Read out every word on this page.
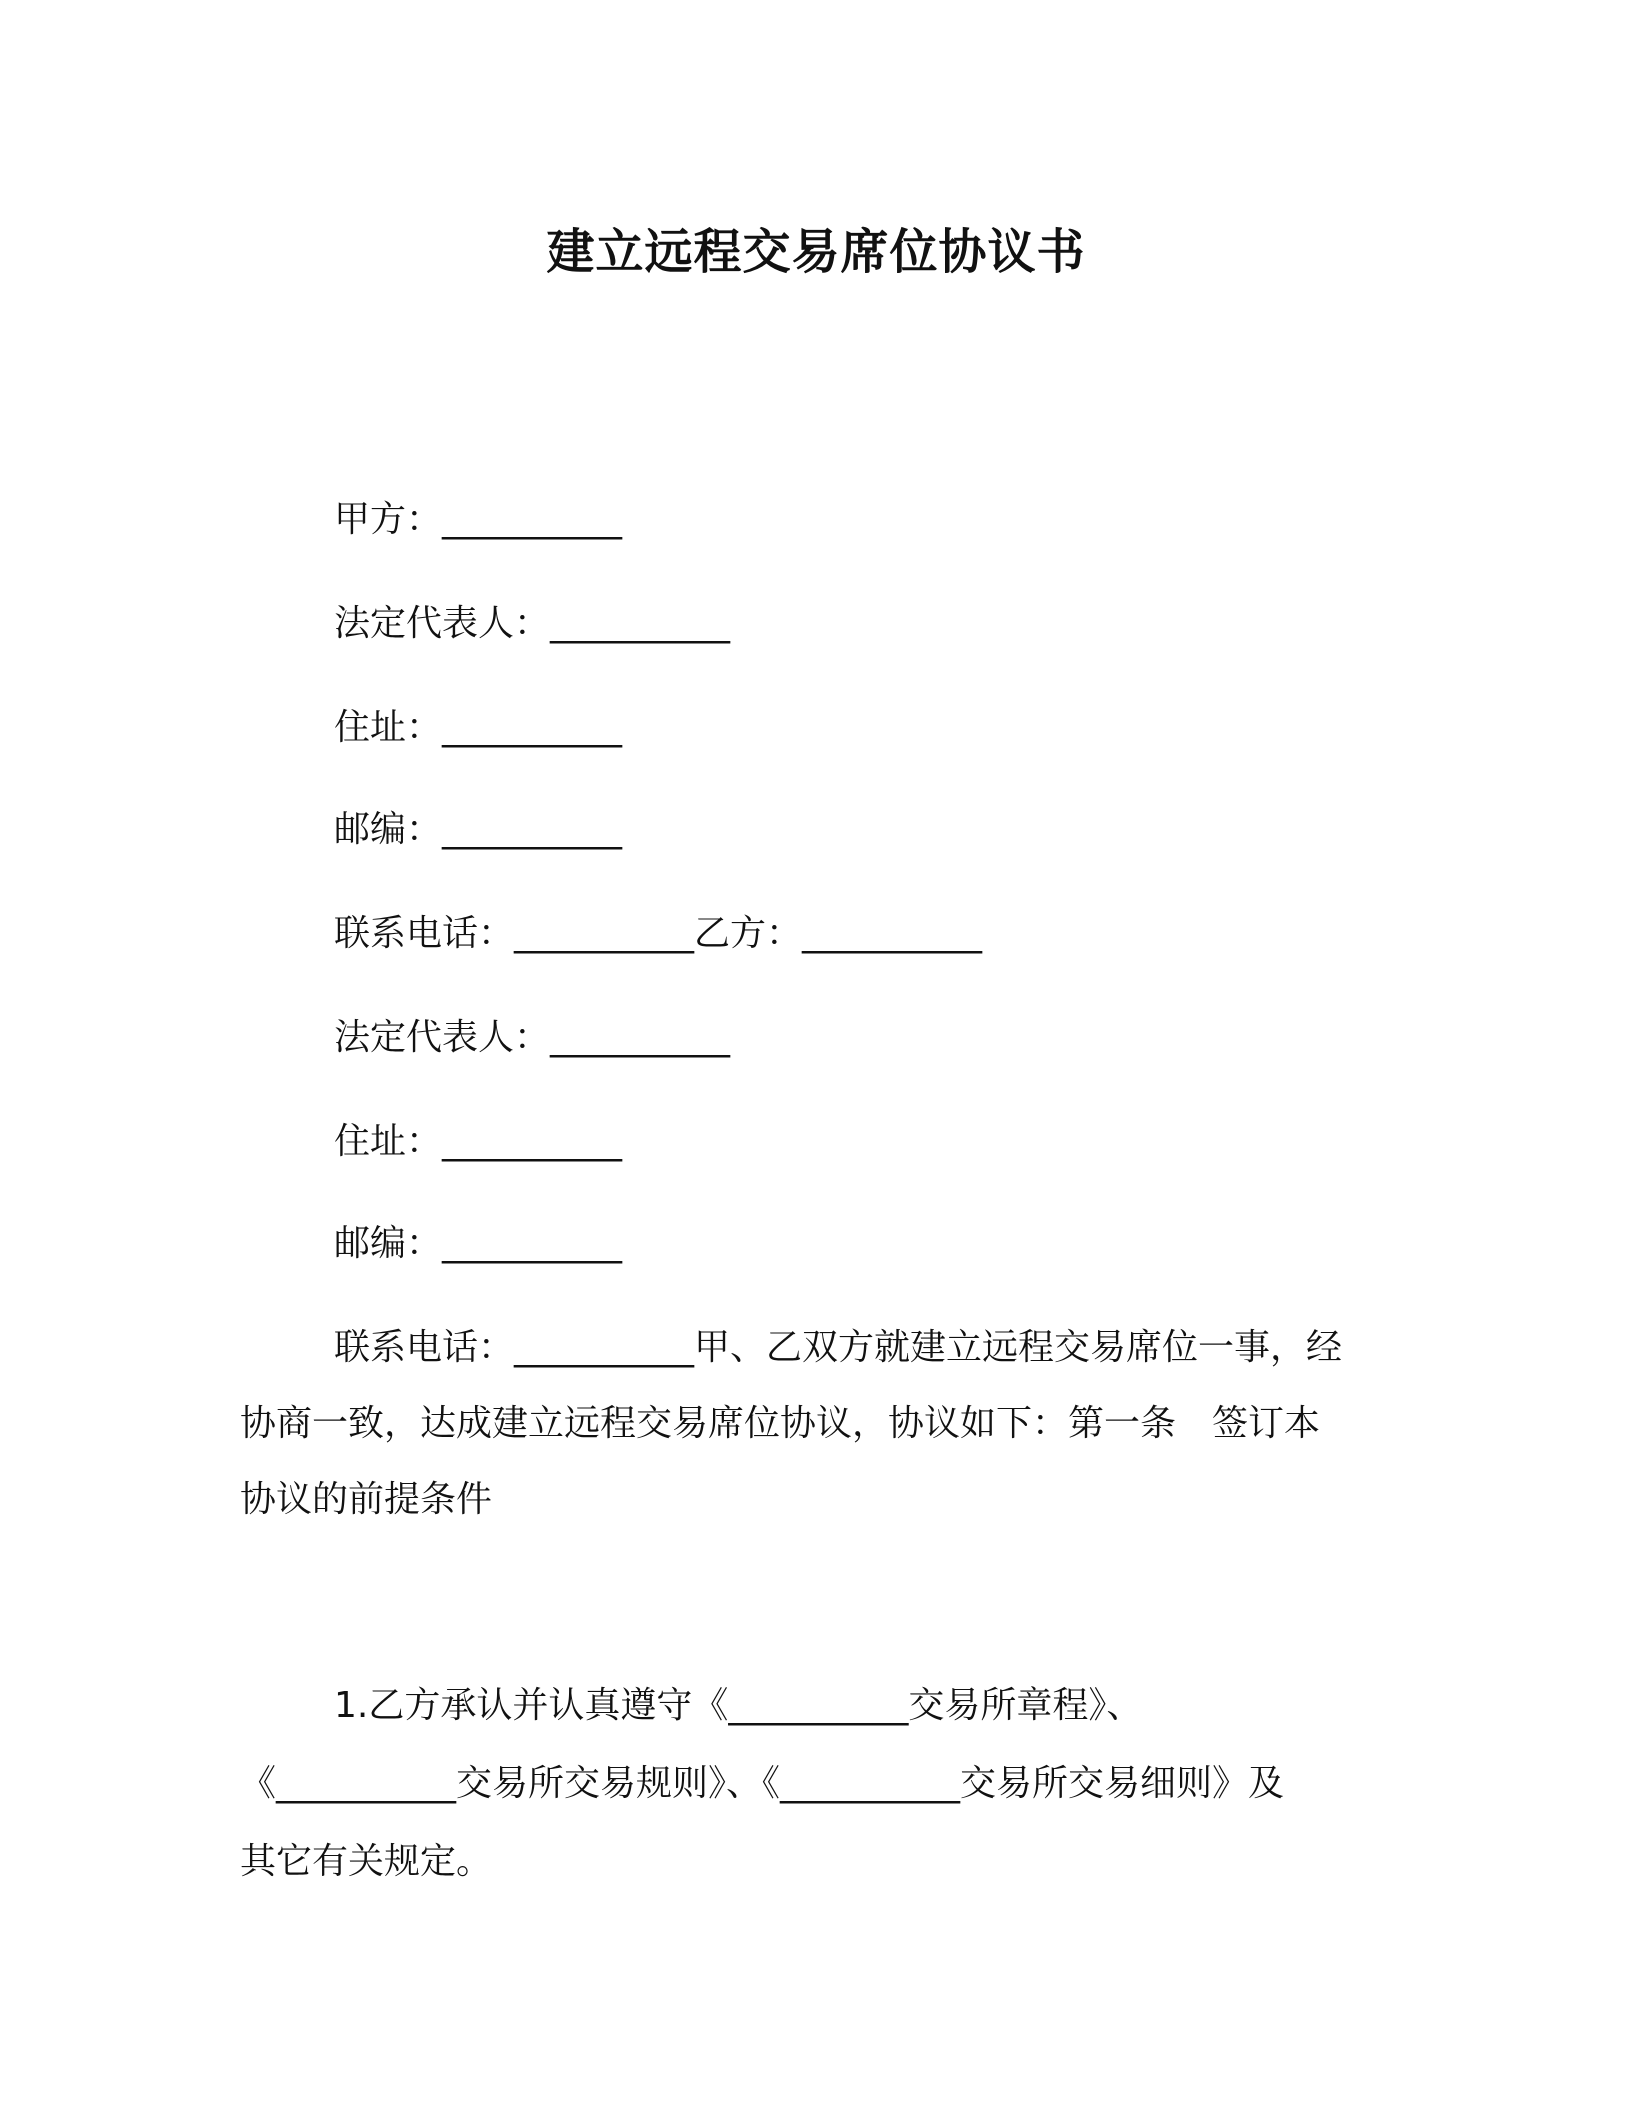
建立远程交易席位协议书
甲方：__________
法定代表人：__________
住址：__________
邮编：__________
联系电话：__________乙方：__________
法定代表人：__________
住址：__________
邮编：__________
联系电话：__________甲、乙双方就建立远程交易席位一事，经
协商一致，达成建立远程交易席位协议，协议如下：第一条　签订本
协议的前提条件
1.乙方承认并认真遵守《__________交易所章程》、
《__________交易所交易规则》、《__________交易所交易细则》及
其它有关规定。
